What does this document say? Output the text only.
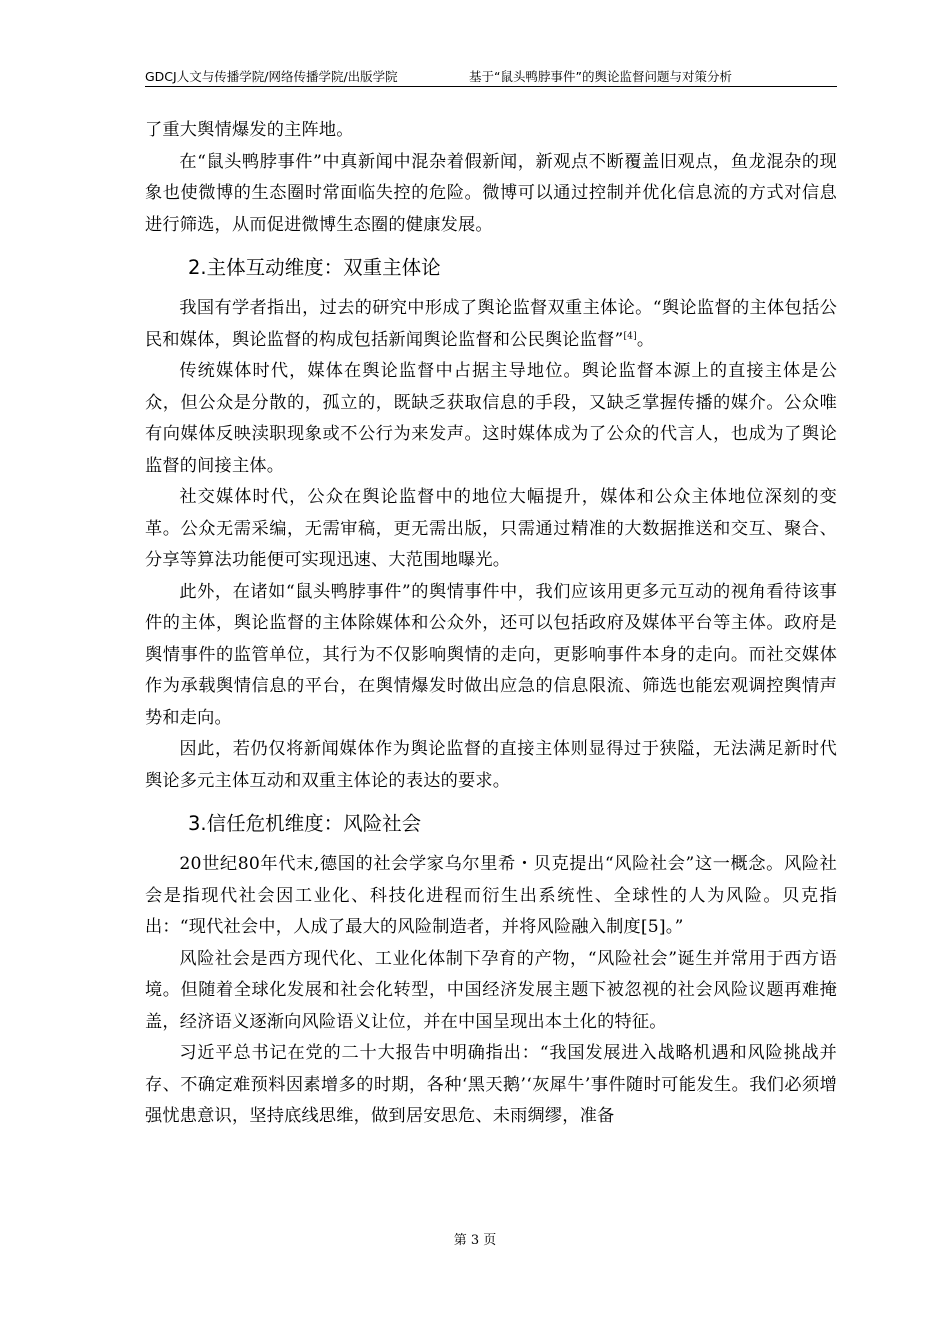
GDCJ人文与传播学院/网络传播学院/出版学院	基于“鼠头鸭脖事件”的舆论监督问题与对策分析

了重大舆情爆发的主阵地。

在“鼠头鸭脖事件”中真新闻中混杂着假新闻，新观点不断覆盖旧观点，鱼龙混杂的现象也使微博的生态圈时常面临失控的危险。微博可以通过控制并优化信息流的方式对信息进行筛选，从而促进微博生态圈的健康发展。

2.主体互动维度：双重主体论

我国有学者指出，过去的研究中形成了舆论监督双重主体论。“舆论监督的主体包括公民和媒体，舆论监督的构成包括新闻舆论监督和公民舆论监督”[4]。

传统媒体时代，媒体在舆论监督中占据主导地位。舆论监督本源上的直接主体是公众，但公众是分散的，孤立的，既缺乏获取信息的手段，又缺乏掌握传播的媒介。公众唯有向媒体反映渎职现象或不公行为来发声。这时媒体成为了公众的代言人，也成为了舆论监督的间接主体。

社交媒体时代，公众在舆论监督中的地位大幅提升，媒体和公众主体地位深刻的变革。公众无需采编，无需审稿，更无需出版，只需通过精准的大数据推送和交互、聚合、分享等算法功能便可实现迅速、大范围地曝光。

此外，在诸如“鼠头鸭脖事件”的舆情事件中，我们应该用更多元互动的视角看待该事件的主体，舆论监督的主体除媒体和公众外，还可以包括政府及媒体平台等主体。政府是舆情事件的监管单位，其行为不仅影响舆情的走向，更影响事件本身的走向。而社交媒体作为承载舆情信息的平台，在舆情爆发时做出应急的信息限流、筛选也能宏观调控舆情声势和走向。

因此，若仍仅将新闻媒体作为舆论监督的直接主体则显得过于狭隘，无法满足新时代舆论多元主体互动和双重主体论的表达的要求。

3.信任危机维度：风险社会

20世纪80年代末,德国的社会学家乌尔里希・贝克提出“风险社会”这一概念。风险社会是指现代社会因工业化、科技化进程而衍生出系统性、全球性的人为风险。贝克指出：“现代社会中，人成了最大的风险制造者，并将风险融入制度[5]。”

风险社会是西方现代化、工业化体制下孕育的产物，“风险社会”诞生并常用于西方语境。但随着全球化发展和社会化转型，中国经济发展主题下被忽视的社会风险议题再难掩盖，经济语义逐渐向风险语义让位，并在中国呈现出本土化的特征。

习近平总书记在党的二十大报告中明确指出：“我国发展进入战略机遇和风险挑战并存、不确定难预料因素增多的时期，各种‘黑天鹅’‘灰犀牛’事件随时可能发生。我们必须增强忧患意识，坚持底线思维，做到居安思危、未雨绸缪，准备

第 3 页
